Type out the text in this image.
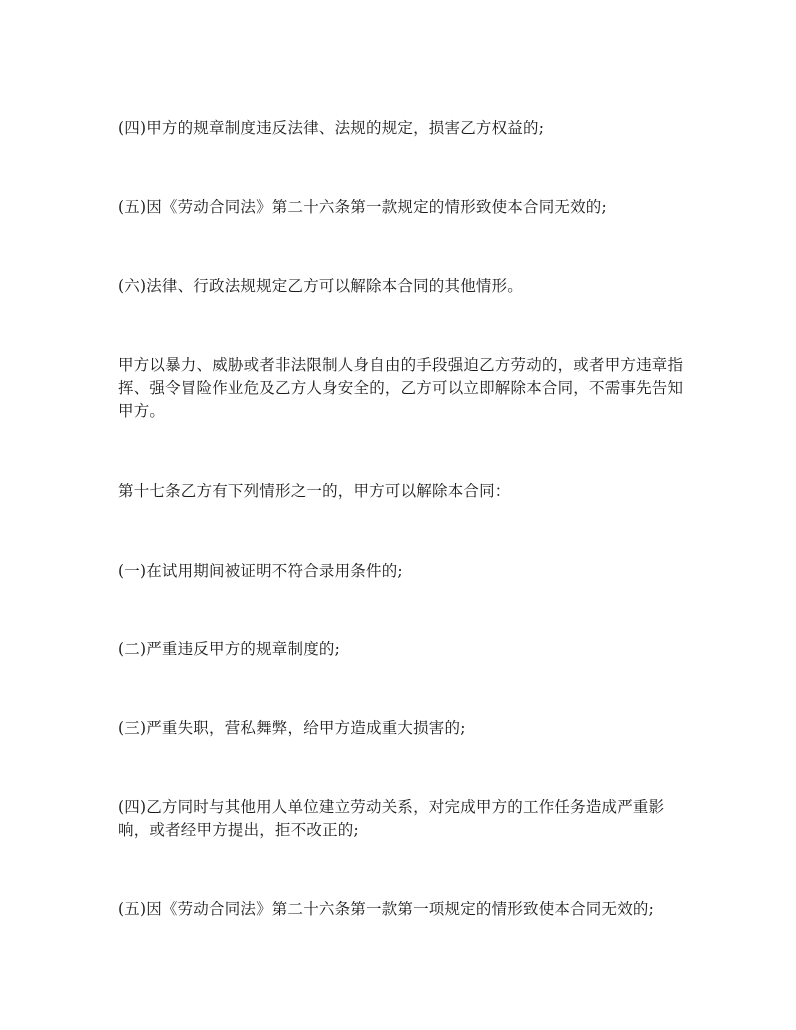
(四)甲方的规章制度违反法律、法规的规定，损害乙方权益的;

(五)因《劳动合同法》第二十六条第一款规定的情形致使本合同无效的;

(六)法律、行政法规规定乙方可以解除本合同的其他情形。

甲方以暴力、威胁或者非法限制人身自由的手段强迫乙方劳动的，或者甲方违章指挥、强令冒险作业危及乙方人身安全的，乙方可以立即解除本合同，不需事先告知甲方。

第十七条乙方有下列情形之一的，甲方可以解除本合同：

(一)在试用期间被证明不符合录用条件的;

(二)严重违反甲方的规章制度的;

(三)严重失职，营私舞弊，给甲方造成重大损害的;

(四)乙方同时与其他用人单位建立劳动关系，对完成甲方的工作任务造成严重影响，或者经甲方提出，拒不改正的;

(五)因《劳动合同法》第二十六条第一款第一项规定的情形致使本合同无效的;
